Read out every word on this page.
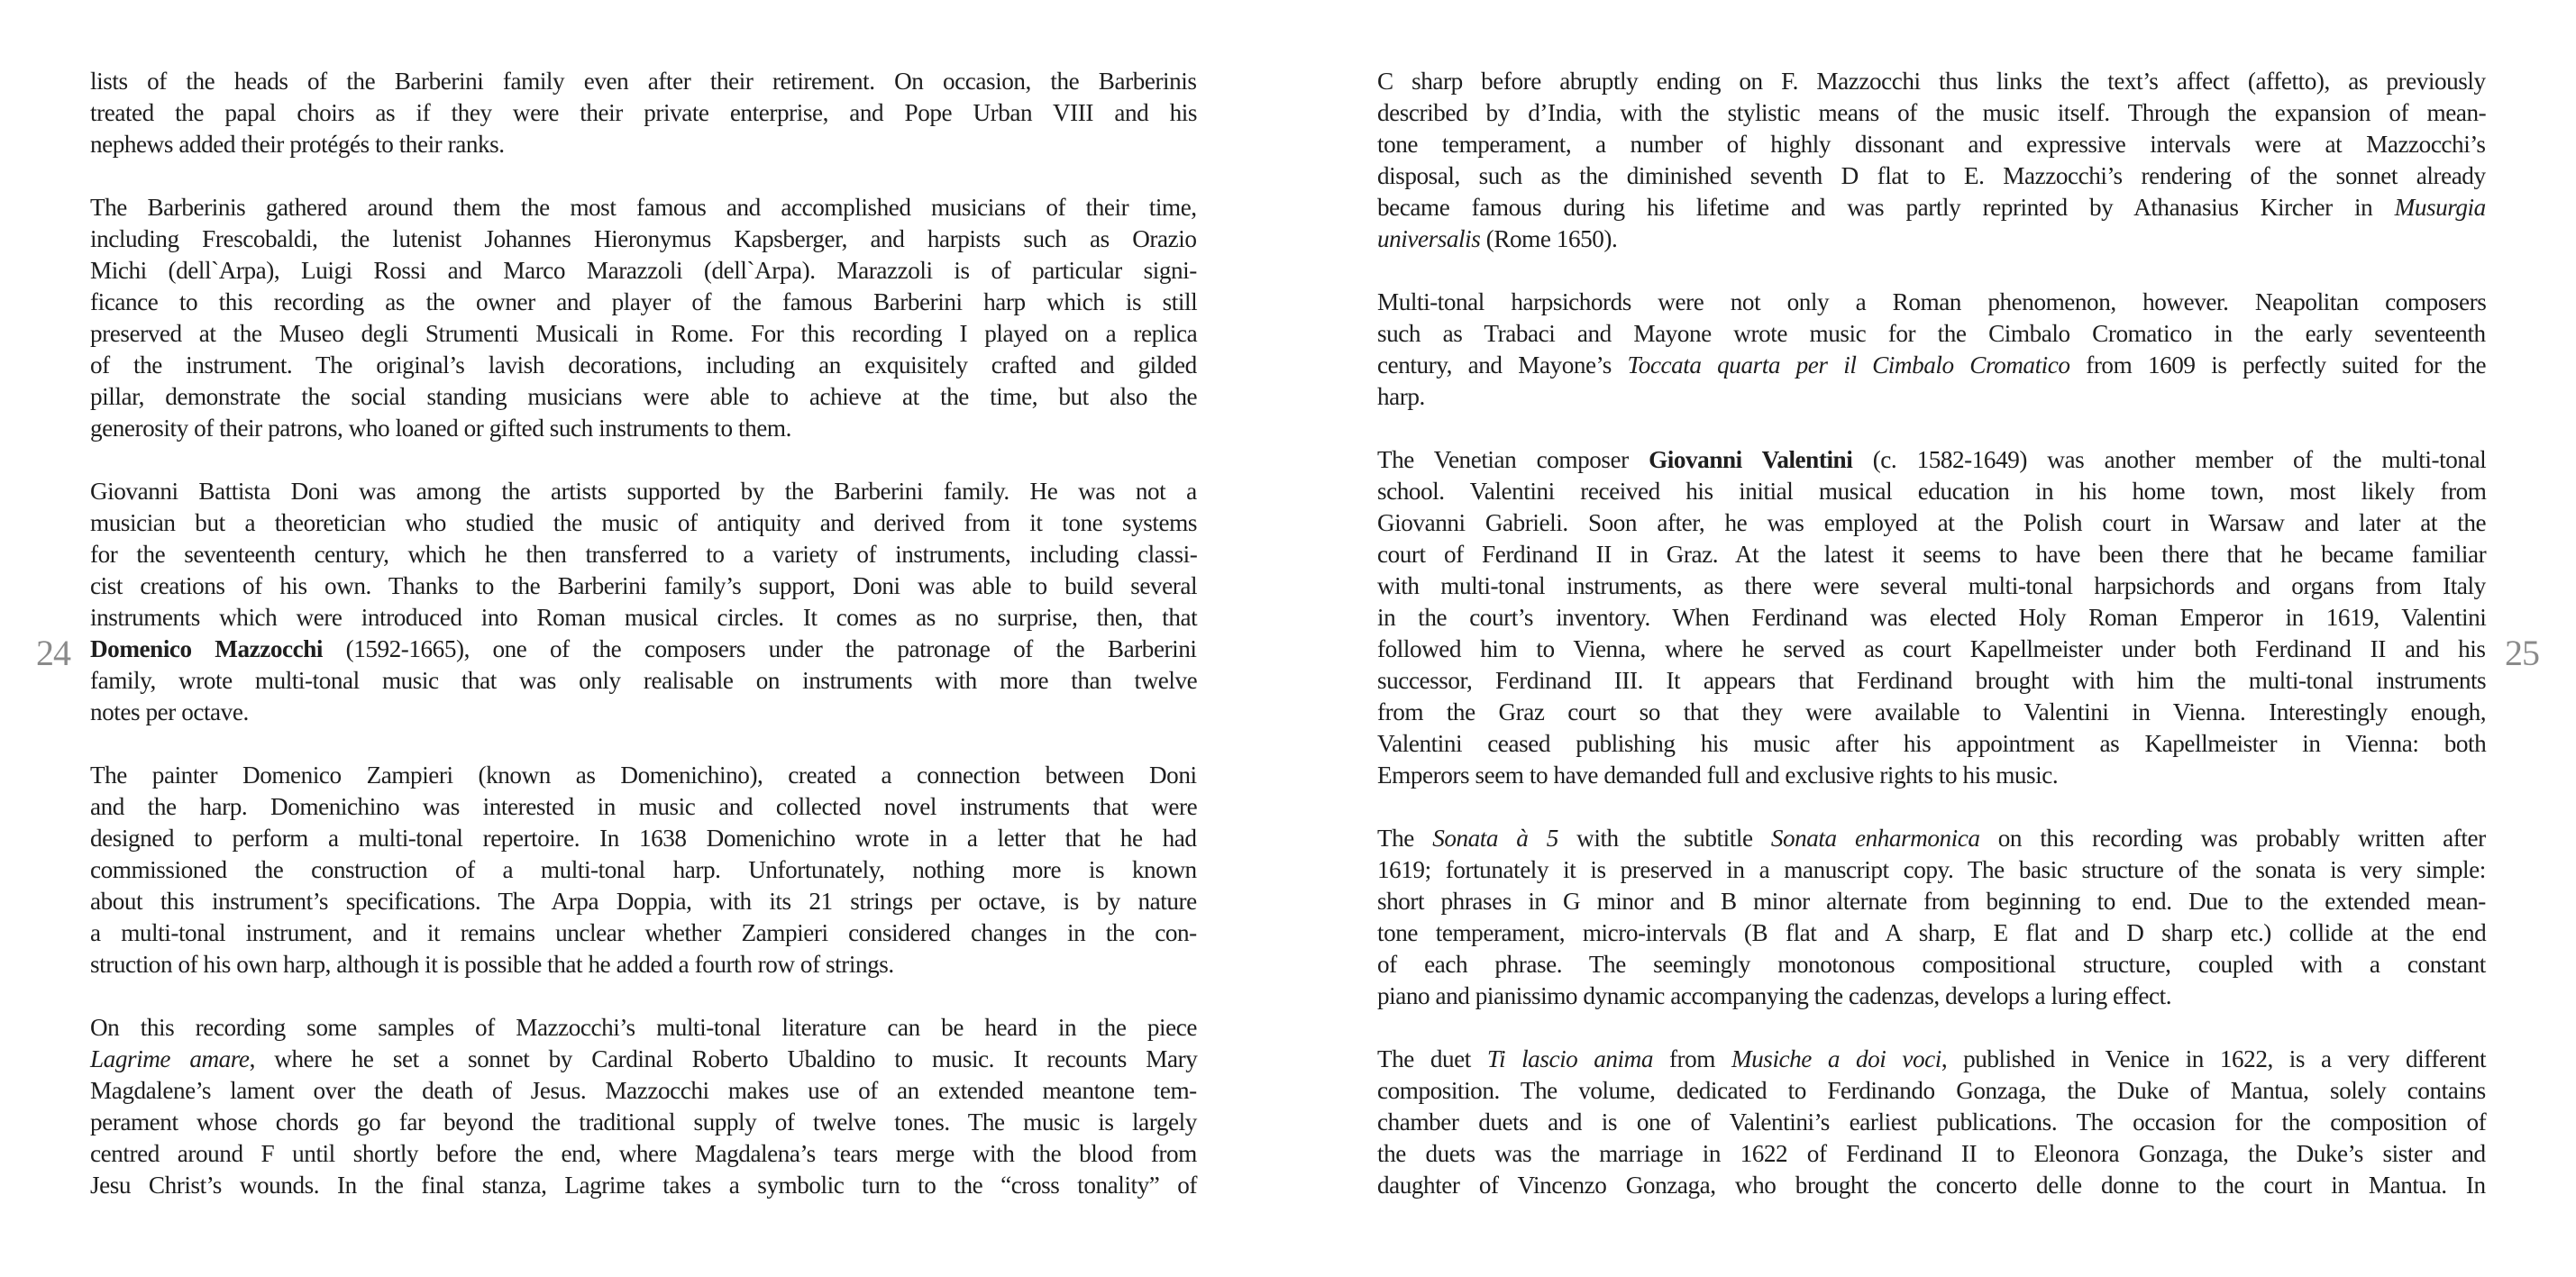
lists of the heads of the Barberini family even after their retirement. On occasion, the Barberinis
treated the papal choirs as if they were their private enterprise, and Pope Urban VIII and his
nephews added their protégés to their ranks.
The Barberinis gathered around them the most famous and accomplished musicians of their time,
including Frescobaldi, the lutenist Johannes Hieronymus Kapsberger, and harpists such as Orazio
Michi (dell`Arpa), Luigi Rossi and Marco Marazzoli (dell`Arpa). Marazzoli is of particular signi-
ficance to this recording as the owner and player of the famous Barberini harp which is still
preserved at the Museo degli Strumenti Musicali in Rome. For this recording I played on a replica
of the instrument. The original’s lavish decorations, including an exquisitely crafted and gilded
pillar, demonstrate the social standing musicians were able to achieve at the time, but also the
generosity of their patrons, who loaned or gifted such instruments to them.
Giovanni Battista Doni was among the artists supported by the Barberini family. He was not a
musician but a theoretician who studied the music of antiquity and derived from it tone systems
for the seventeenth century, which he then transferred to a variety of instruments, including classi-
cist creations of his own. Thanks to the Barberini family’s support, Doni was able to build several
instruments which were introduced into Roman musical circles. It comes as no surprise, then, that
Domenico Mazzocchi (1592-1665), one of the composers under the patronage of the Barberini
family, wrote multi-tonal music that was only realisable on instruments with more than twelve
notes per octave.
The painter Domenico Zampieri (known as Domenichino), created a connection between Doni
and the harp. Domenichino was interested in music and collected novel instruments that were
designed to perform a multi-tonal repertoire. In 1638 Domenichino wrote in a letter that he had
commissioned the construction of a multi-tonal harp. Unfortunately, nothing more is known
about this instrument’s specifications. The Arpa Doppia, with its 21 strings per octave, is by nature
a multi-tonal instrument, and it remains unclear whether Zampieri considered changes in the con-
struction of his own harp, although it is possible that he added a fourth row of strings.
On this recording some samples of Mazzocchi’s multi-tonal literature can be heard in the piece
Lagrime amare, where he set a sonnet by Cardinal Roberto Ubaldino to music. It recounts Mary
Magdalene’s lament over the death of Jesus. Mazzocchi makes use of an extended meantone tem-
perament whose chords go far beyond the traditional supply of twelve tones. The music is largely
centred around F until shortly before the end, where Magdalena’s tears merge with the blood from
Jesu Christ’s wounds. In the final stanza, Lagrime takes a symbolic turn to the “cross tonality” of
24
C sharp before abruptly ending on F. Mazzocchi thus links the text’s affect (affetto), as previously
described by d’India, with the stylistic means of the music itself. Through the expansion of mean-
tone temperament, a number of highly dissonant and expressive intervals were at Mazzocchi’s
disposal, such as the diminished seventh D flat to E. Mazzocchi’s rendering of the sonnet already
became famous during his lifetime and was partly reprinted by Athanasius Kircher in Musurgia
universalis (Rome 1650).
Multi-tonal harpsichords were not only a Roman phenomenon, however. Neapolitan composers
such as Trabaci and Mayone wrote music for the Cimbalo Cromatico in the early seventeenth
century, and Mayone’s Toccata quarta per il Cimbalo Cromatico from 1609 is perfectly suited for the
harp.
The Venetian composer Giovanni Valentini (c. 1582-1649) was another member of the multi-tonal
school. Valentini received his initial musical education in his home town, most likely from
Giovanni Gabrieli. Soon after, he was employed at the Polish court in Warsaw and later at the
court of Ferdinand II in Graz. At the latest it seems to have been there that he became familiar
with multi-tonal instruments, as there were several multi-tonal harpsichords and organs from Italy
in the court’s inventory. When Ferdinand was elected Holy Roman Emperor in 1619, Valentini
followed him to Vienna, where he served as court Kapellmeister under both Ferdinand II and his
successor, Ferdinand III. It appears that Ferdinand brought with him the multi-tonal instruments
from the Graz court so that they were available to Valentini in Vienna. Interestingly enough,
Valentini ceased publishing his music after his appointment as Kapellmeister in Vienna: both
Emperors seem to have demanded full and exclusive rights to his music.
The Sonata à 5 with the subtitle Sonata enharmonica on this recording was probably written after
1619; fortunately it is preserved in a manuscript copy. The basic structure of the sonata is very simple:
short phrases in G minor and B minor alternate from beginning to end. Due to the extended mean-
tone temperament, micro-intervals (B flat and A sharp, E flat and D sharp etc.) collide at the end
of each phrase. The seemingly monotonous compositional structure, coupled with a constant
piano and pianissimo dynamic accompanying the cadenzas, develops a luring effect.
The duet Ti lascio anima from Musiche a doi voci, published in Venice in 1622, is a very different
composition. The volume, dedicated to Ferdinando Gonzaga, the Duke of Mantua, solely contains
chamber duets and is one of Valentini’s earliest publications. The occasion for the composition of
the duets was the marriage in 1622 of Ferdinand II to Eleonora Gonzaga, the Duke’s sister and
daughter of Vincenzo Gonzaga, who brought the concerto delle donne to the court in Mantua. In
25
